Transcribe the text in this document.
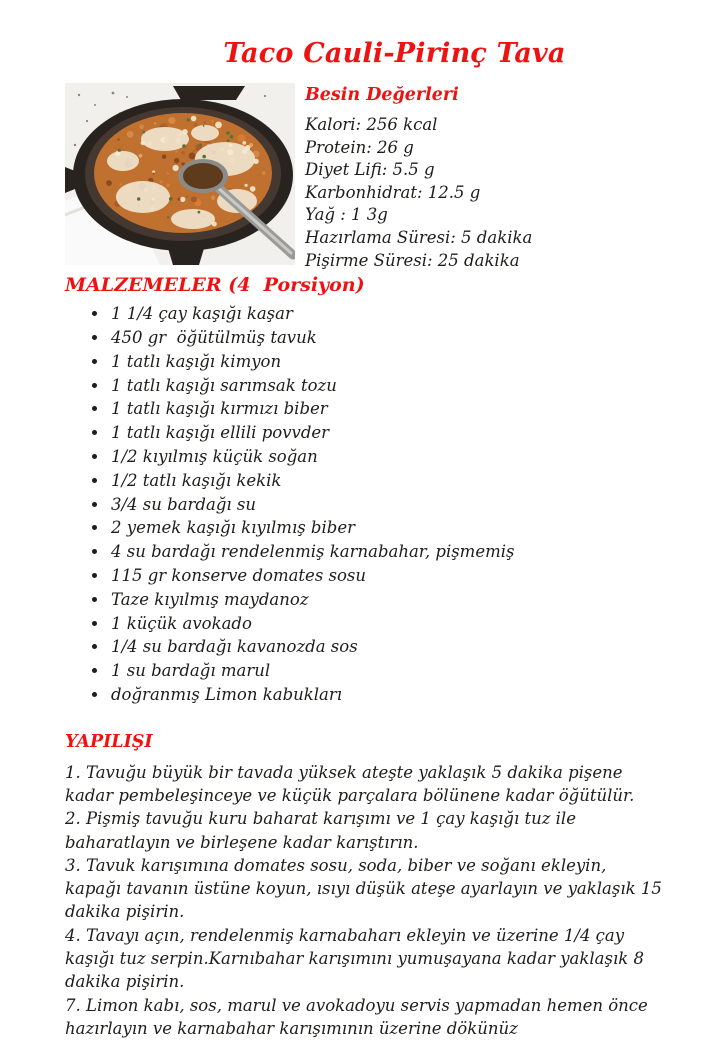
Taco Cauli-Pirinç Tava
Besin Değerleri
Kalori: 256 kcal
Protein: 26 g
Diyet Lifi: 5.5 g
Karbonhidrat: 12.5 g
Yağ : 1 3g
Hazırlama Süresi: 5 dakika
Pişirme Süresi: 25 dakika
MALZEMELER (4  Porsiyon)
• 1 1/4 çay kaşığı kaşar
• 450 gr  öğütülmüş tavuk
• 1 tatlı kaşığı kimyon
• 1 tatlı kaşığı sarımsak tozu
• 1 tatlı kaşığı kırmızı biber
• 1 tatlı kaşığı ellili povvder
• 1/2 kıyılmış küçük soğan
• 1/2 tatlı kaşığı kekik
• 3/4 su bardağı su
• 2 yemek kaşığı kıyılmış biber
• 4 su bardağı rendelenmiş karnabahar, pişmemiş
• 115 gr konserve domates sosu
• Taze kıyılmış maydanoz
• 1 küçük avokado
• 1/4 su bardağı kavanozda sos
• 1 su bardağı marul
• doğranmış Limon kabukları
YAPILIŞI

1. Tavuğu büyük bir tavada yüksek ateşte yaklaşık 5 dakika pişene kadar pembeleşinceye ve küçük parçalara bölünene kadar öğütülür.

2. Pişmiş tavuğu kuru baharat karışımı ve 1 çay kaşığı tuz ile baharatlayın ve birleşene kadar karıştırın.

3. Tavuk karışımına domates sosu, soda, biber ve soğanı ekleyin, kapağı tavanın üstüne koyun, ısıyı düşük ateşe ayarlayın ve yaklaşık 15 dakika pişirin.

4. Tavayı açın, rendelenmiş karnabaharı ekleyin ve üzerine 1/4 çay kaşığı tuz serpin.Karnıbahar karışımını yumuşayana kadar yaklaşık 8 dakika pişirin.

7. Limon kabı, sos, marul ve avokadoyu servis yapmadan hemen önce hazırlayın ve karnabahar karışımının üzerine dökünüz
